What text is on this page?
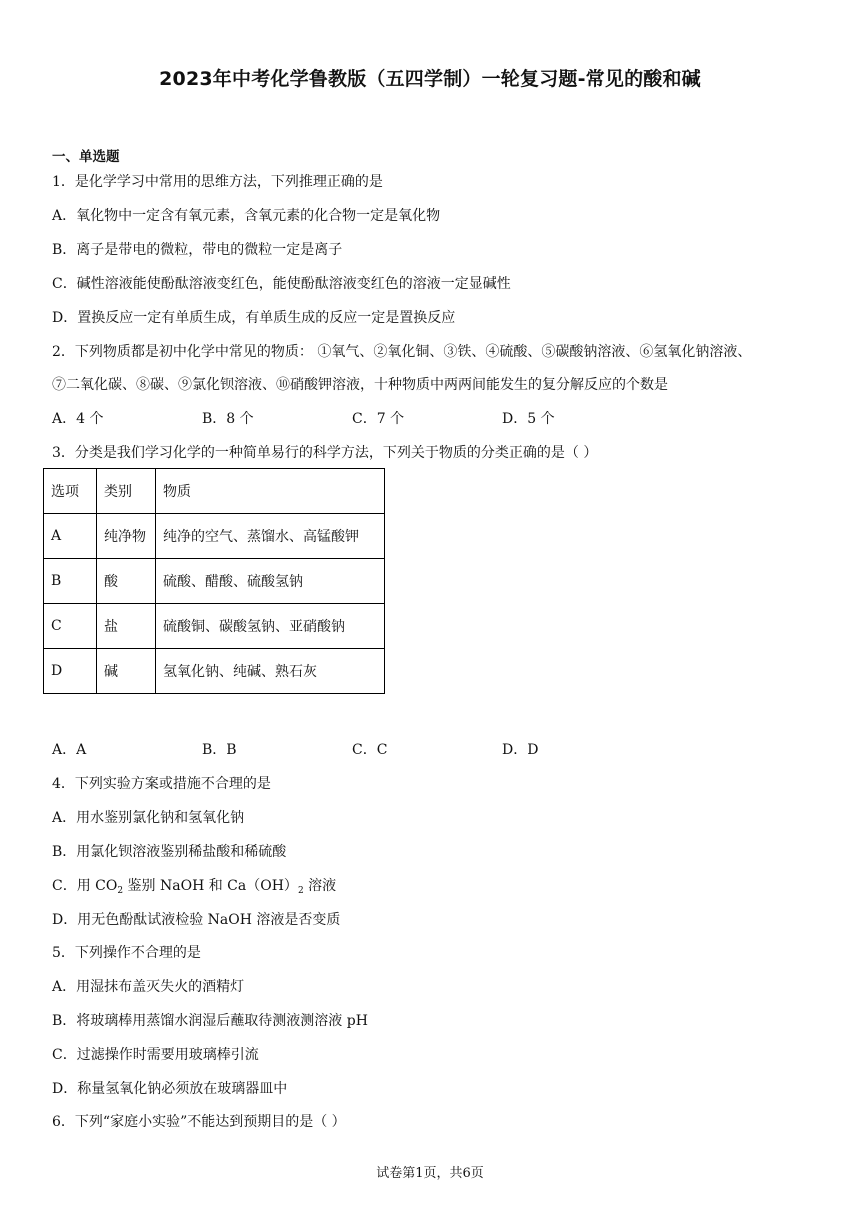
2023年中考化学鲁教版（五四学制）一轮复习题-常见的酸和碱
一、单选题
1．是化学学习中常用的思维方法，下列推理正确的是
A．氧化物中一定含有氧元素，含氧元素的化合物一定是氧化物
B．离子是带电的微粒，带电的微粒一定是离子
C．碱性溶液能使酚酞溶液变红色，能使酚酞溶液变红色的溶液一定显碱性
D．置换反应一定有单质生成，有单质生成的反应一定是置换反应
2．下列物质都是初中化学中常见的物质： ①氧气、②氧化铜、③铁、④硫酸、⑤碳酸钠溶液、⑥氢氧化钠溶液、
⑦二氧化碳、⑧碳、⑨氯化钡溶液、⑩硝酸钾溶液，十种物质中两两间能发生的复分解反应的个数是
A．4 个	B．8 个	C．7 个	D．5 个
3．分类是我们学习化学的一种简单易行的科学方法，下列关于物质的分类正确的是（ ）
选项	类别	物质
A	纯净物	纯净的空气、蒸馏水、高锰酸钾
B	酸	硫酸、醋酸、硫酸氢钠
C	盐	硫酸铜、碳酸氢钠、亚硝酸钠
D	碱	氢氧化钠、纯碱、熟石灰
A．A	B．B	C．C	D．D
4．下列实验方案或措施不合理的是
A．用水鉴别氯化钠和氢氧化钠
B．用氯化钡溶液鉴别稀盐酸和稀硫酸
C．用 $CO_2$ 鉴别 NaOH 和 $Ca(OH)_2$ 溶液
D．用无色酚酞试液检验 NaOH 溶液是否变质
5．下列操作不合理的是
A．用湿抹布盖灭失火的酒精灯
B．将玻璃棒用蒸馏水润湿后蘸取待测液测溶液 pH
C．过滤操作时需要用玻璃棒引流
D．称量氢氧化钠必须放在玻璃器皿中
6．下列“家庭小实验”不能达到预期目的是（ ）
试卷第1页，共6页
